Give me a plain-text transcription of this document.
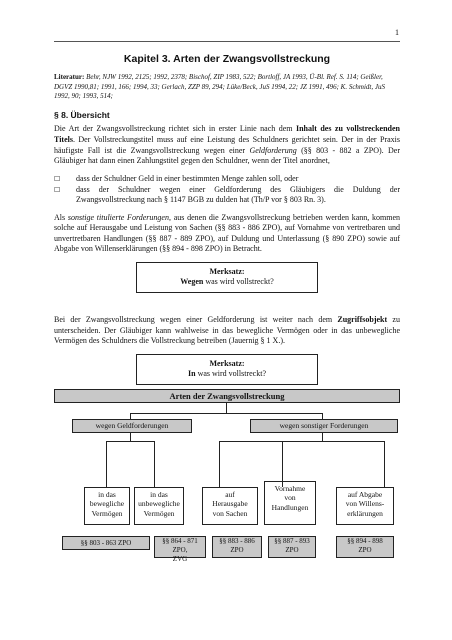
1
Kapitel 3. Arten der Zwangsvollstreckung
Literatur: Behr, NJW 1992, 2125; 1992, 2378; Bischof, ZIP 1983, 522; Bortloff, JA 1993, Ü-Bl. Ref. S. 114; Geißler, DGVZ 1990,81; 1991, 166; 1994, 33; Gerlach, ZZP 89, 294; Lüke/Beck, JuS 1994, 22; JZ 1991, 496; K. Schmidt, JuS 1992, 90; 1993, 514;
§ 8. Übersicht
Die Art der Zwangsvollstreckung richtet sich in erster Linie nach dem Inhalt des zu vollstreckenden Titels. Der Vollstreckungstitel muss auf eine Leistung des Schuldners gerichtet sein. Der in der Praxis häufigste Fall ist die Zwangsvollstreckung wegen einer Geldforderung (§§ 803 - 882 a ZPO). Der Gläubiger hat dann einen Zahlungstitel gegen den Schuldner, wenn der Titel anordnet,
☐	dass der Schuldner Geld in einer bestimmten Menge zahlen soll, oder
☐	dass der Schuldner wegen einer Geldforderung des Gläubigers die Duldung der Zwangsvollstreckung nach § 1147 BGB zu dulden hat (Th/P vor § 803 Rn. 3).
Als sonstige titulierte Forderungen, aus denen die Zwangsvollstreckung betrieben werden kann, kommen solche auf Herausgabe und Leistung von Sachen (§§ 883 - 886 ZPO), auf Vornahme von vertretbaren und unvertretbaren Handlungen (§§ 887 - 889 ZPO), auf Duldung und Unterlassung (§ 890 ZPO) sowie auf Abgabe von Willenserklärungen (§§ 894 - 898 ZPO) in Betracht.
Merksatz:
Wegen was wird vollstreckt?
Bei der Zwangsvollstreckung wegen einer Geldforderung ist weiter nach dem Zugriffsobjekt zu unterscheiden. Der Gläubiger kann wahlweise in das bewegliche Vermögen oder in das unbewegliche Vermögen des Schuldners die Vollstreckung betreiben (Jauernig § 1 X.).
Merksatz:
In was wird vollstreckt?
Arten der Zwangsvollstreckung
wegen Geldforderungen	wegen sonstiger Forderungen
in das
bewegliche
Vermögen
in das
unbewegliche
Vermögen
auf
Herausgabe
von Sachen
Vornahme
von
Handlungen
auf Abgabe
von Willens-
erklärungen
§§ 803 - 863 ZPO	§§ 864 - 871 ZPO,
ZVG
§§ 883 - 886
ZPO
§§ 887 - 893
ZPO
§§ 894 - 898
ZPO
